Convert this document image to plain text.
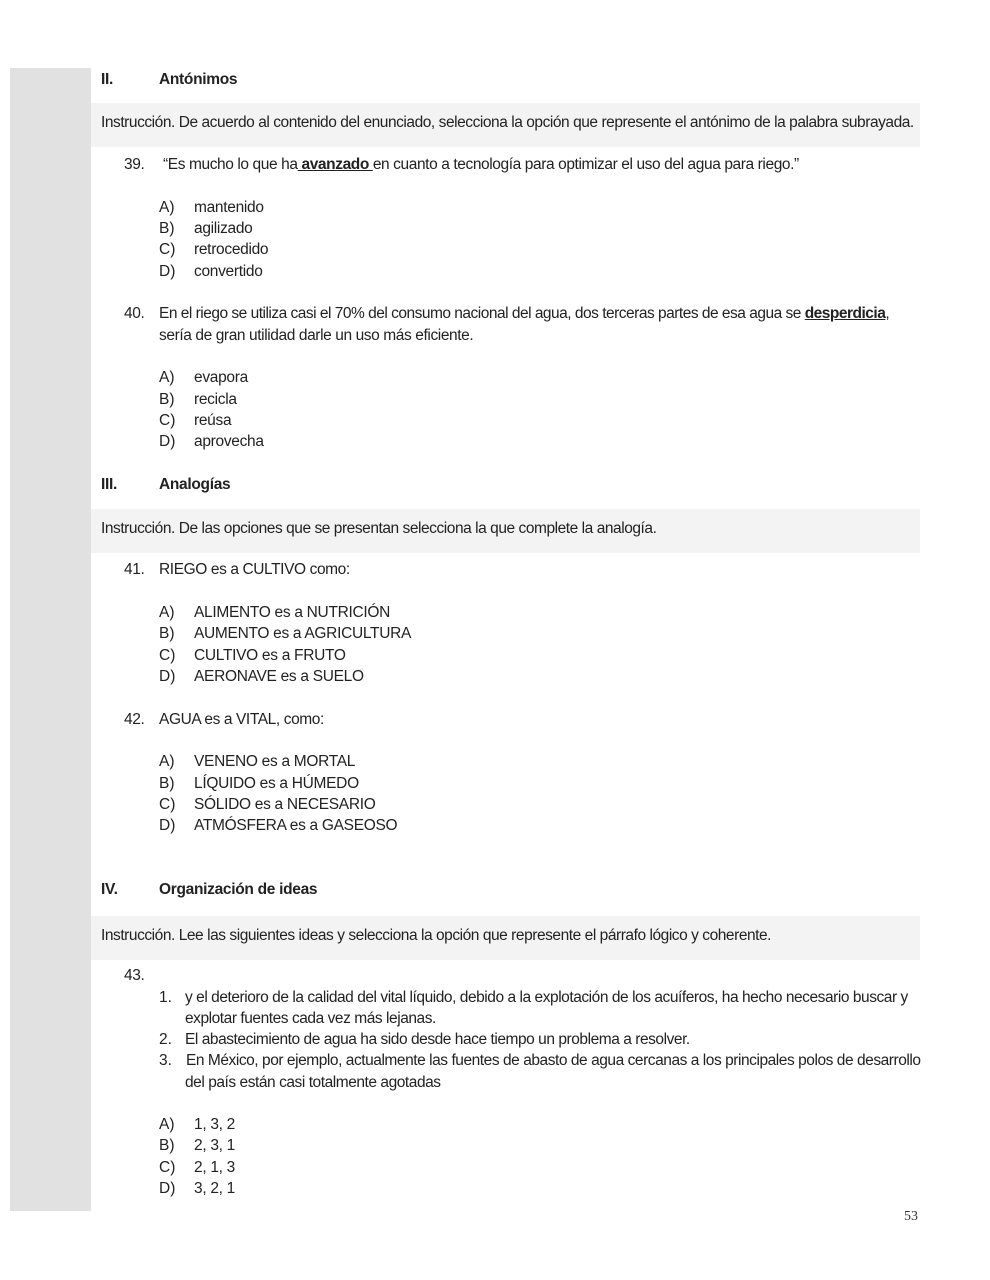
II.	Antónimos
Instrucción. De acuerdo al contenido del enunciado, selecciona la opción que represente el antónimo de la palabra subrayada.
39. “Es mucho lo que ha avanzado en cuanto a tecnología para optimizar el uso del agua para riego.”
A) mantenido
B) agilizado
C) retrocedido
D) convertido
40. En el riego se utiliza casi el 70% del consumo nacional del agua, dos terceras partes de esa agua se desperdicia,
sería de gran utilidad darle un uso más eficiente.
A) evapora
B) recicla
C) reúsa
D) aprovecha
III.	Analogías
Instrucción. De las opciones que se presentan selecciona la que complete la analogía.
41. RIEGO es a CULTIVO como:
A) ALIMENTO es a NUTRICIÓN
B) AUMENTO es a AGRICULTURA
C) CULTIVO es a FRUTO
D) AERONAVE es a SUELO
42. AGUA es a VITAL, como:
A) VENENO es a MORTAL
B) LÍQUIDO es a HÚMEDO
C) SÓLIDO es a NECESARIO
D) ATMÓSFERA es a GASEOSO
IV.	Organización de ideas
Instrucción. Lee las siguientes ideas y selecciona la opción que represente el párrafo lógico y coherente.
43.
1. y el deterioro de la calidad del vital líquido, debido a la explotación de los acuíferos, ha hecho necesario buscar y
explotar fuentes cada vez más lejanas.
2. El abastecimiento de agua ha sido desde hace tiempo un problema a resolver.
3. En México, por ejemplo, actualmente las fuentes de abasto de agua cercanas a los principales polos de desarrollo
del país están casi totalmente agotadas
A) 1, 3, 2
B) 2, 3, 1
C) 2, 1, 3
D) 3, 2, 1
53
